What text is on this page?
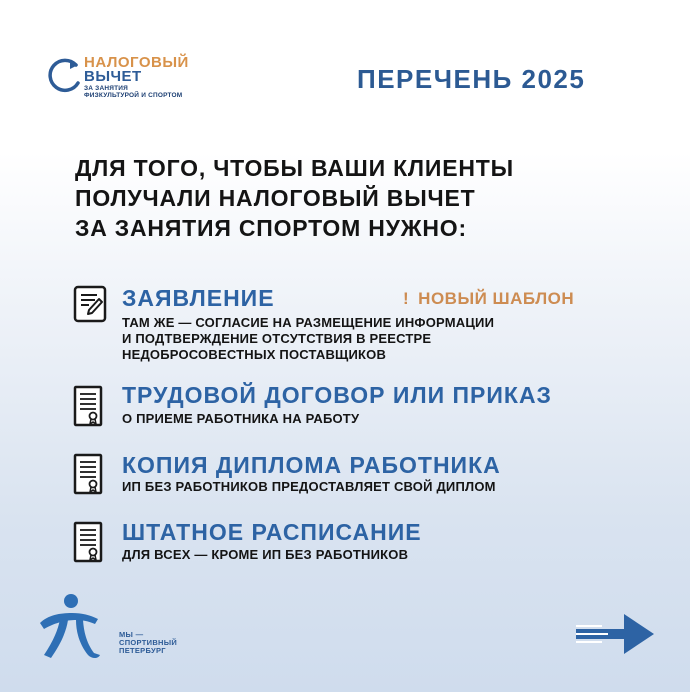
НАЛОГОВЫЙ
ВЫЧЕТ
ЗА ЗАНЯТИЯ
ФИЗКУЛЬТУРОЙ И СПОРТОМ
ПЕРЕЧЕНЬ 2025
ДЛЯ ТОГО, ЧТОБЫ ВАШИ КЛИЕНТЫ
ПОЛУЧАЛИ НАЛОГОВЫЙ ВЫЧЕТ
ЗА ЗАНЯТИЯ СПОРТОМ НУЖНО:
ЗАЯВЛЕНИЕ	! НОВЫЙ ШАБЛОН
ТАМ ЖЕ — СОГЛАСИЕ НА РАЗМЕЩЕНИЕ ИНФОРМАЦИИ
И ПОДТВЕРЖДЕНИЕ ОТСУТСТВИЯ В РЕЕСТРЕ
НЕДОБРОСОВЕСТНЫХ ПОСТАВЩИКОВ
ТРУДОВОЙ ДОГОВОР ИЛИ ПРИКАЗ
О ПРИЕМЕ РАБОТНИКА НА РАБОТУ
КОПИЯ ДИПЛОМА РАБОТНИКА
ИП БЕЗ РАБОТНИКОВ ПРЕДОСТАВЛЯЕТ СВОЙ ДИПЛОМ
ШТАТНОЕ РАСПИСАНИЕ
ДЛЯ ВСЕХ — КРОМЕ ИП БЕЗ РАБОТНИКОВ
МЫ —
СПОРТИВНЫЙ
ПЕТЕРБУРГ
